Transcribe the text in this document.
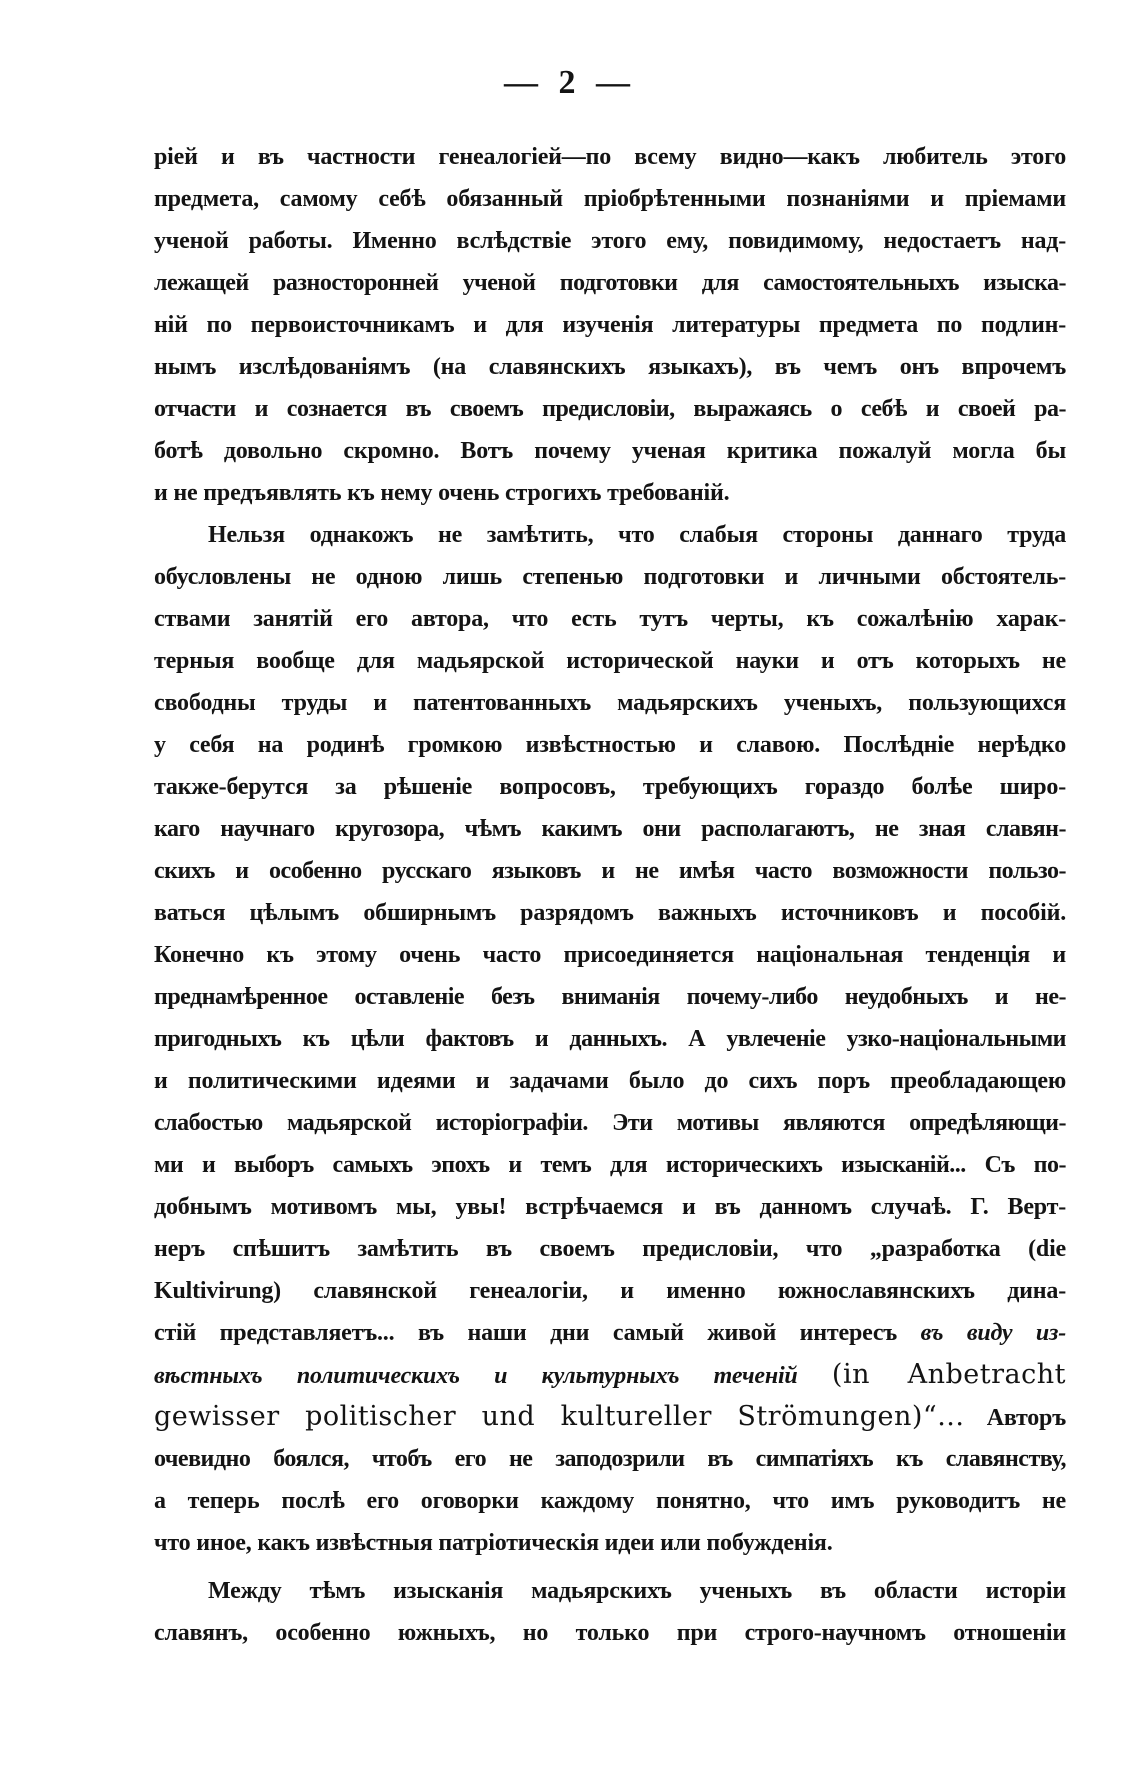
— 2 —
ріей и въ частности генеалогіей—по всему видно—какъ любитель этого
предмета, самому себѣ обязанный пріобрѣтенными познаніями и пріемами
ученой работы. Именно вслѣдствіе этого ему, повидимому, недостаетъ над-
лежащей разносторонней ученой подготовки для самостоятельныхъ изыска-
ній по первоисточникамъ и для изученія литературы предмета по подлин-
нымъ изслѣдованіямъ (на славянскихъ языкахъ), въ чемъ онъ впрочемъ
отчасти и сознается въ своемъ предисловіи, выражаясь о себѣ и своей ра-
ботѣ довольно скромно. Вотъ почему ученая критика пожалуй могла бы
и не предъявлять къ нему очень строгихъ требованій.
Нельзя однакожъ не замѣтить, что слабыя стороны даннаго труда
обусловлены не одною лишь степенью подготовки и личными обстоятель-
ствами занятій его автора, что есть тутъ черты, къ сожалѣнію харак-
терныя вообще для мадьярской исторической науки и отъ которыхъ не
свободны труды и патентованныхъ мадьярскихъ ученыхъ, пользующихся
у себя на родинѣ громкою извѣстностью и славою. Послѣдніе нерѣдко
также-берутся за рѣшеніе вопросовъ, требующихъ гораздо болѣе широ-
каго научнаго кругозора, чѣмъ какимъ они располагаютъ, не зная славян-
скихъ и особенно русскаго языковъ и не имѣя часто возможности пользо-
ваться цѣлымъ обширнымъ разрядомъ важныхъ источниковъ и пособій.
Конечно къ этому очень часто присоединяется національная тенденція и
преднамѣренное оставленіе безъ вниманія почему-либо неудобныхъ и не-
пригодныхъ къ цѣли фактовъ и данныхъ. А увлеченіе узко-національными
и политическими идеями и задачами было до сихъ поръ преобладающею
слабостью мадьярской исторіографіи. Эти мотивы являются опредѣляющи-
ми и выборъ самыхъ эпохъ и темъ для историческихъ изысканій... Съ по-
добнымъ мотивомъ мы, увы! встрѣчаемся и въ данномъ случаѣ. Г. Верт-
неръ спѣшитъ замѣтить въ своемъ предисловіи, что „разработка (die
Kultivirung) славянской генеалогіи, и именно южнославянскихъ дина-
стій представляетъ... въ наши дни самый живой интересъ въ виду из-
вѣстныхъ политическихъ и культурныхъ теченій (in Anbetracht
gewisser politischer und kultureller Strömungen)“... Авторъ
очевидно боялся, чтобъ его не заподозрили въ симпатіяхъ къ славянству,
а теперь послѣ его оговорки каждому понятно, что имъ руководитъ не
что иное, какъ извѣстныя патріотическія идеи или побужденія.
Между тѣмъ изысканія мадьярскихъ ученыхъ въ области исторіи
славянъ, особенно южныхъ, но только при строго-научномъ отношеніи
